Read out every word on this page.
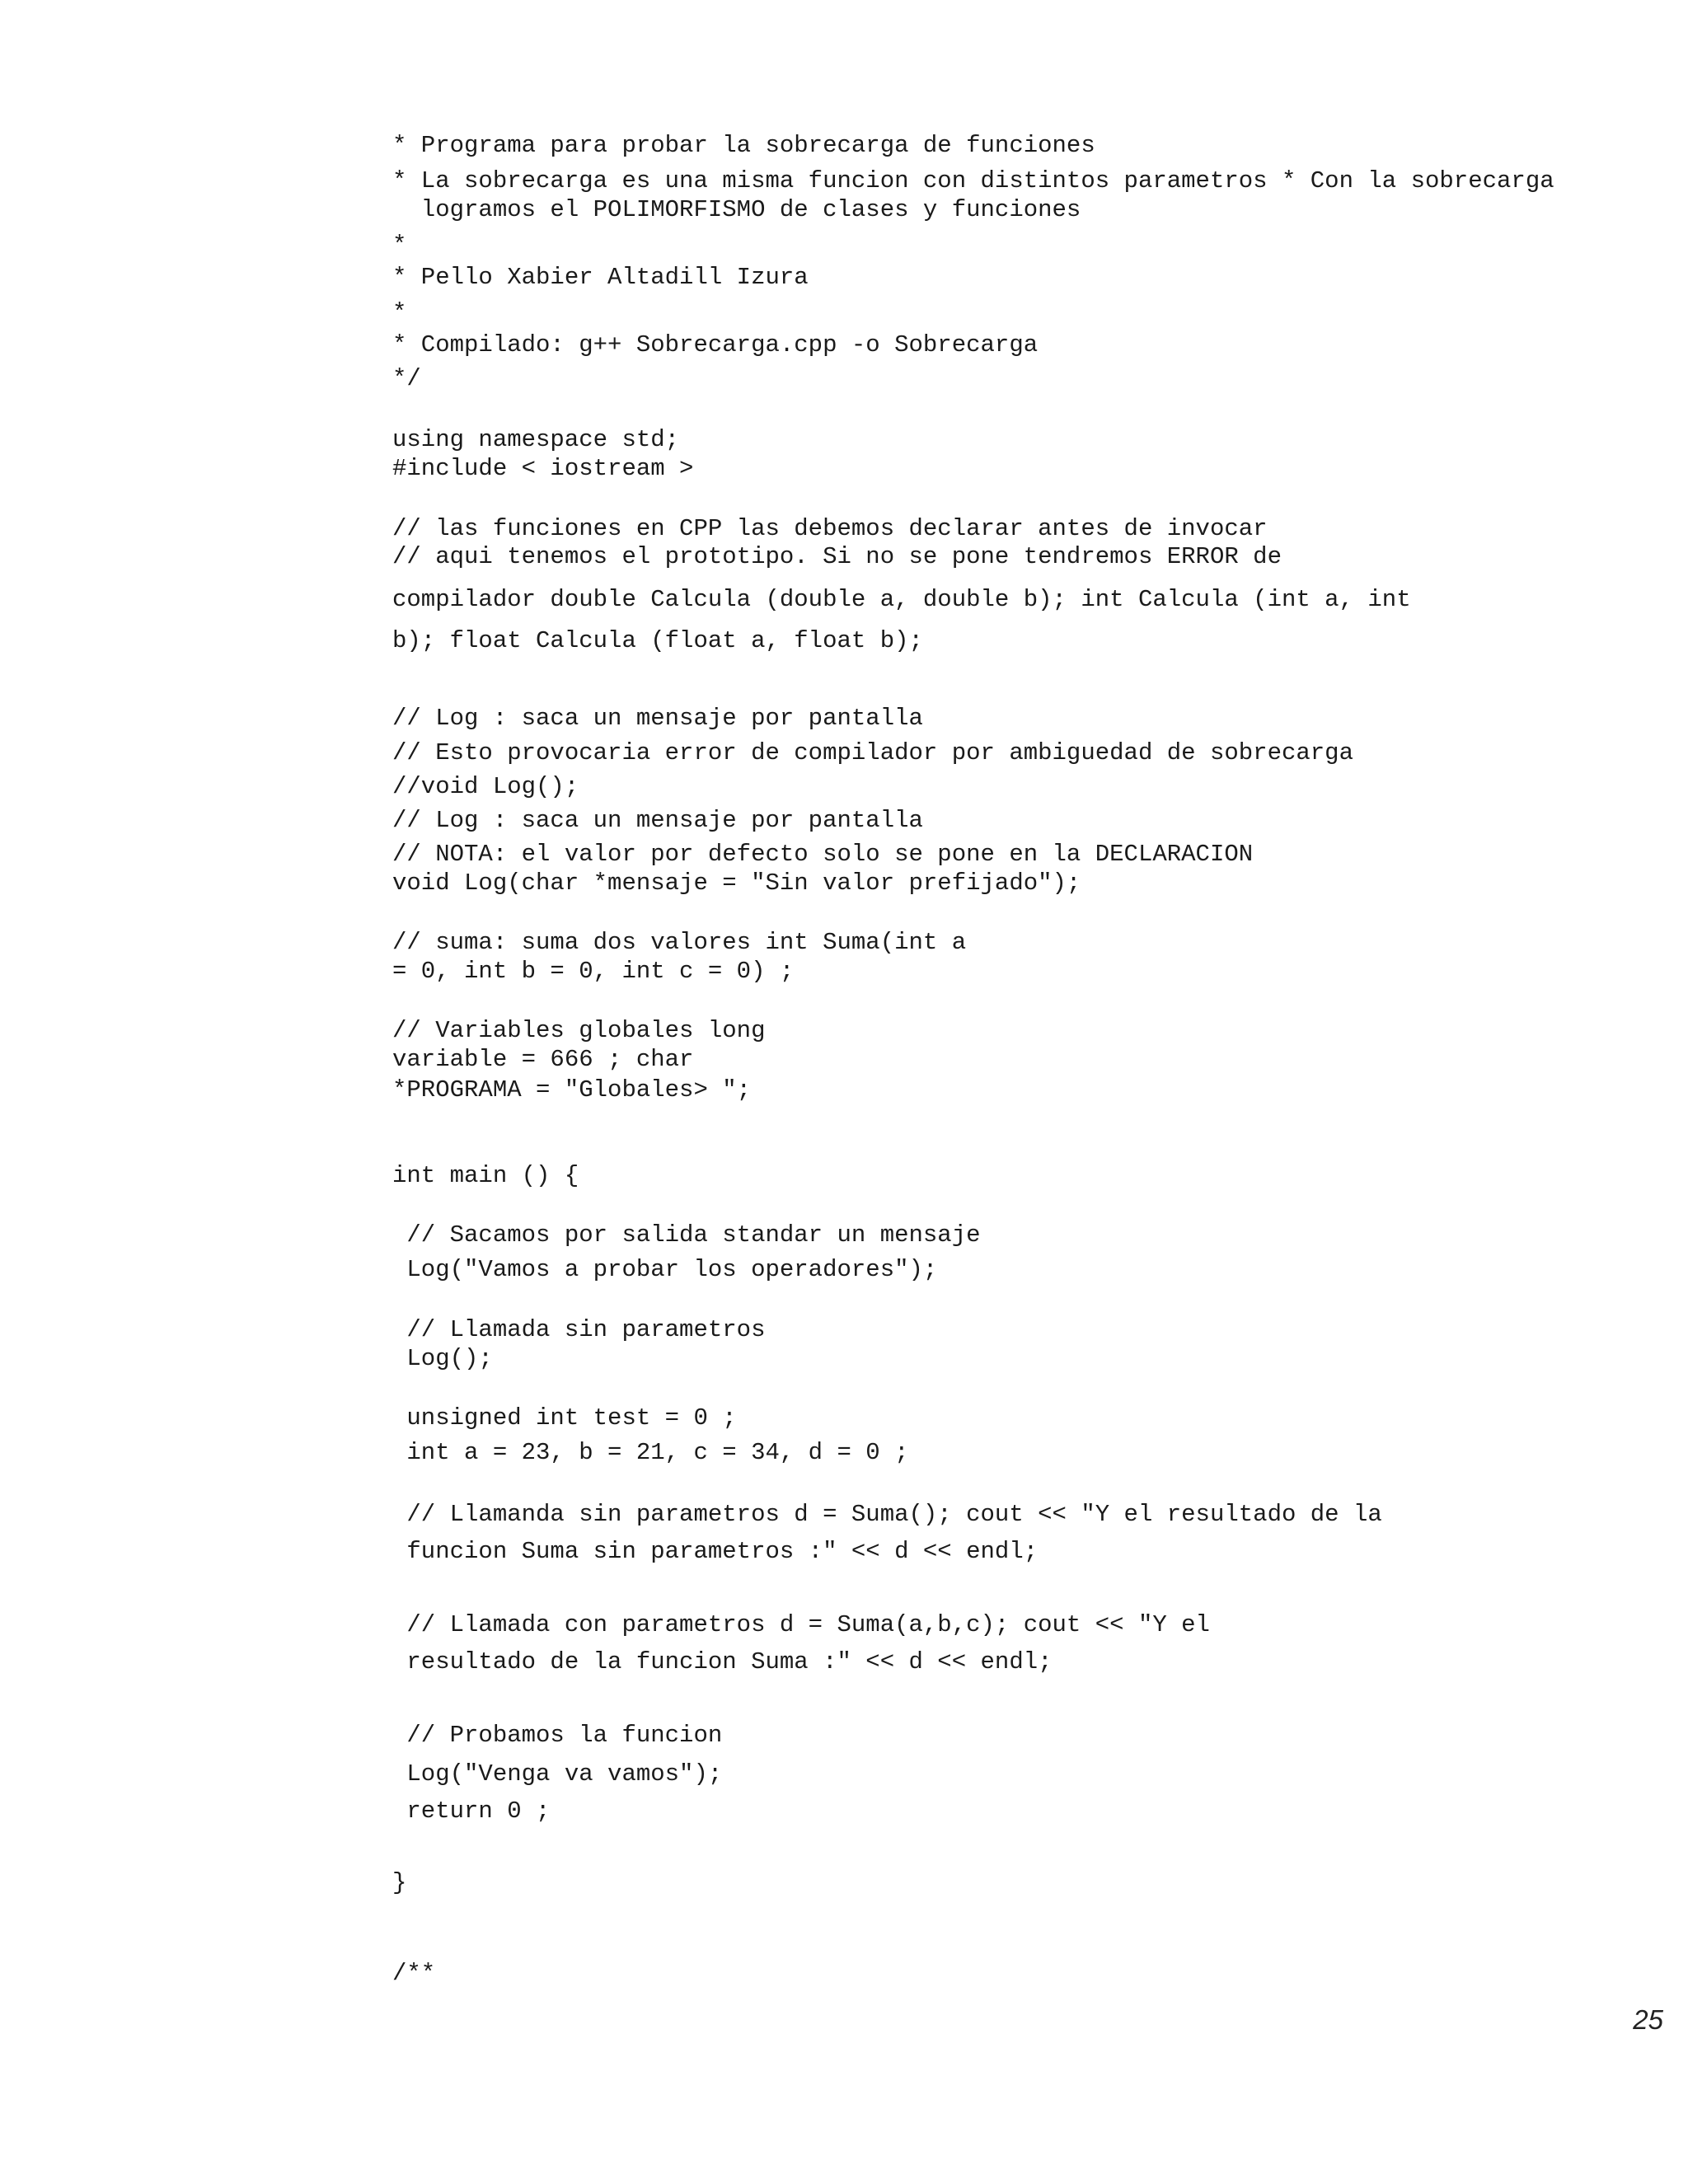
* Programa para probar la sobrecarga de funciones
* La sobrecarga es una misma funcion con distintos parametros * Con la sobrecarga
logramos el POLIMORFISMO de clases y funciones
*
* Pello Xabier Altadill Izura
*
* Compilado: g++ Sobrecarga.cpp -o Sobrecarga
*/
using namespace std;
#include < iostream >
// las funciones en CPP las debemos declarar antes de invocar
// aqui tenemos el prototipo. Si no se pone tendremos ERROR de
compilador double Calcula (double a, double b); int Calcula (int a, int
b); float Calcula (float a, float b);
// Log : saca un mensaje por pantalla
// Esto provocaria error de compilador por ambiguedad de sobrecarga
//void Log();
// Log : saca un mensaje por pantalla
// NOTA: el valor por defecto solo se pone en la DECLARACION
void Log(char *mensaje = "Sin valor prefijado");
// suma: suma dos valores int Suma(int a
= 0, int b = 0, int c = 0) ;
// Variables globales long
variable = 666 ; char
*PROGRAMA = "Globales> ";
int main () {
// Sacamos por salida standar un mensaje
Log("Vamos a probar los operadores");
// Llamada sin parametros
Log();
unsigned int test = 0 ;
int a = 23, b = 21, c = 34, d = 0 ;
// Llamanda sin parametros d = Suma(); cout << "Y el resultado de la
funcion Suma sin parametros :" << d << endl;
// Llamada con parametros d = Suma(a,b,c); cout << "Y el
resultado de la funcion Suma :" << d << endl;
// Probamos la funcion
Log("Venga va vamos");
return 0 ;
}
/**
25
